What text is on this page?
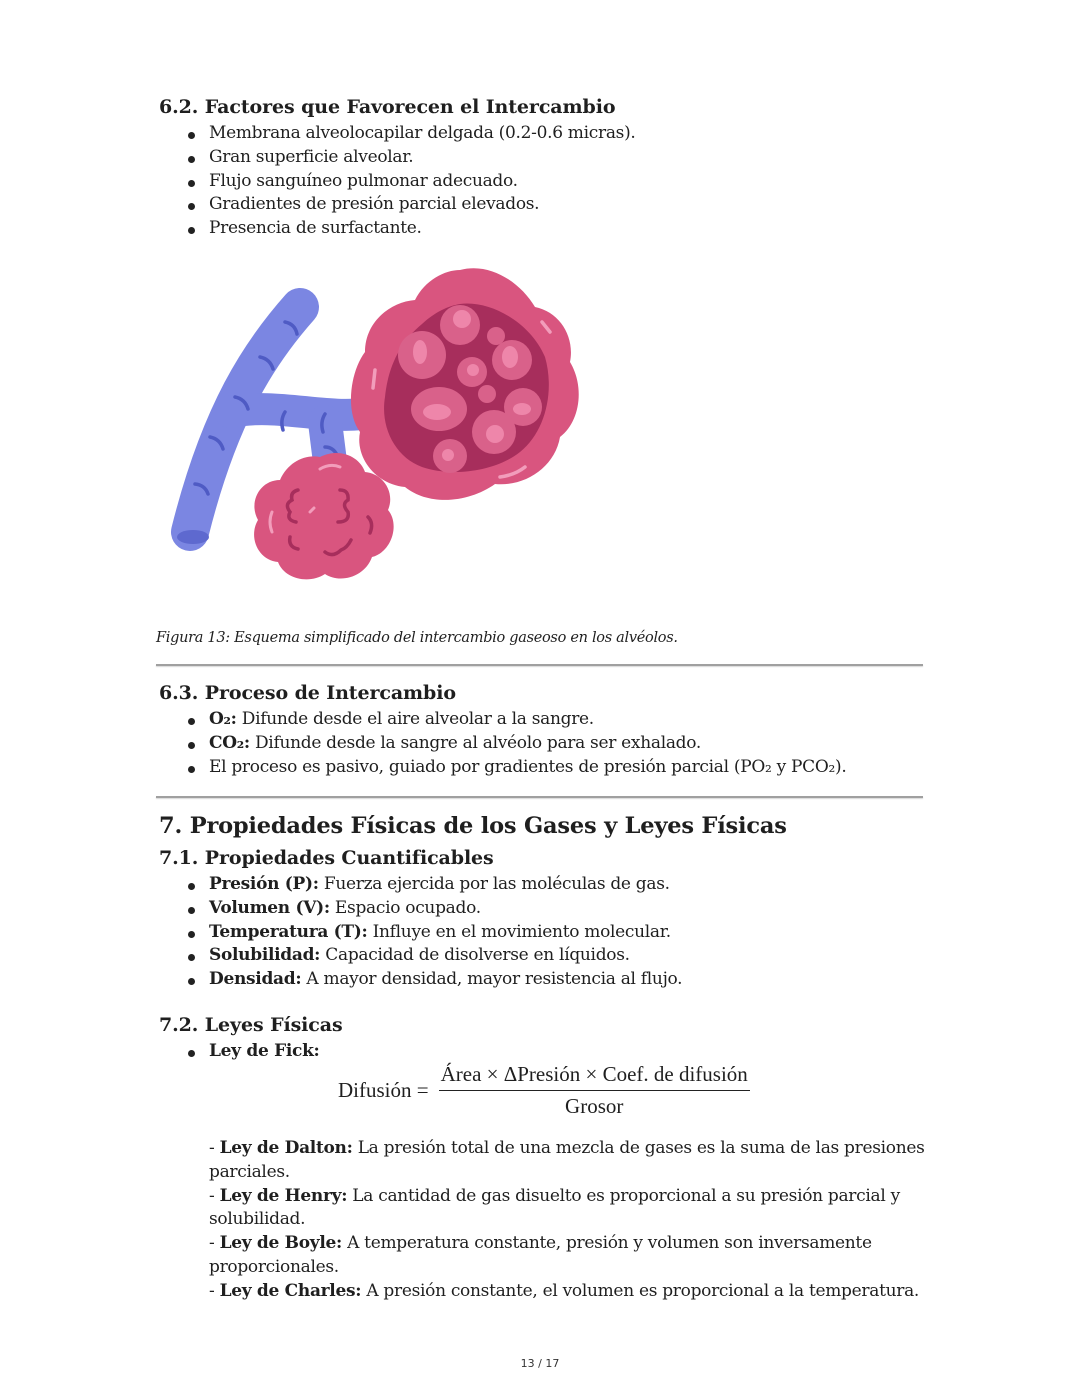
6.2. Factores que Favorecen el Intercambio
Membrana alveolocapilar delgada (0.2-0.6 micras).
Gran superficie alveolar.
Flujo sanguíneo pulmonar adecuado.
Gradientes de presión parcial elevados.
Presencia de surfactante.
Figura 13: Esquema simplificado del intercambio gaseoso en los alvéolos.
6.3. Proceso de Intercambio
O₂: Difunde desde el aire alveolar a la sangre.
CO₂: Difunde desde la sangre al alvéolo para ser exhalado.
El proceso es pasivo, guiado por gradientes de presión parcial (PO₂ y PCO₂).
7. Propiedades Físicas de los Gases y Leyes Físicas
7.1. Propiedades Cuantificables
Presión (P): Fuerza ejercida por las moléculas de gas.
Volumen (V): Espacio ocupado.
Temperatura (T): Influye en el movimiento molecular.
Solubilidad: Capacidad de disolverse en líquidos.
Densidad: A mayor densidad, mayor resistencia al flujo.
7.2. Leyes Físicas
Ley de Fick:
Difusión = $\frac{\text{Área × ΔPresión × Coef. de difusión}}{\text{Grosor}}$

- Ley de Dalton: La presión total de una mezcla de gases es la suma de las presiones parciales.

- Ley de Henry: La cantidad de gas disuelto es proporcional a su presión parcial y solubilidad.

- Ley de Boyle: A temperatura constante, presión y volumen son inversamente proporcionales.

- Ley de Charles: A presión constante, el volumen es proporcional a la temperatura.

13 / 17
